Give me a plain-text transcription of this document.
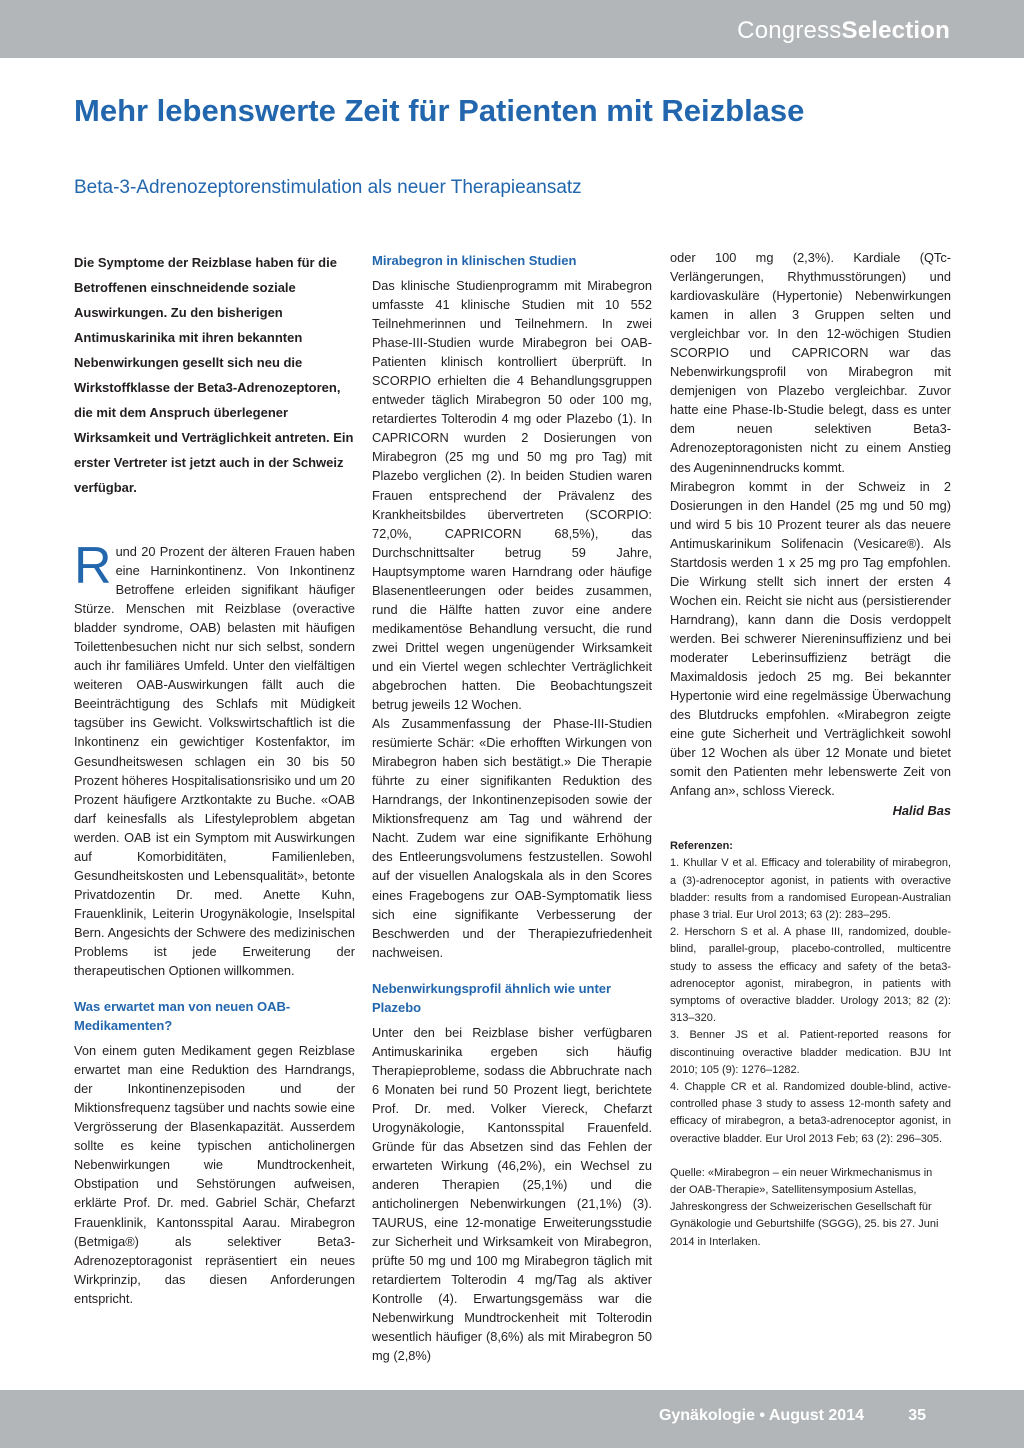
CongressSelection
Mehr lebenswerte Zeit für Patienten mit Reizblase
Beta-3-Adrenozeptorenstimulation als neuer Therapieansatz

Die Symptome der Reizblase haben für die Betroffenen einschneidende soziale Auswirkungen. Zu den bisherigen Antimuskarinika mit ihren bekannten Nebenwirkungen gesellt sich neu die Wirkstoffklasse der Beta3-Adrenozeptoren, die mit dem Anspruch überlegener Wirksamkeit und Verträglichkeit antreten. Ein erster Vertreter ist jetzt auch in der Schweiz verfügbar.

Rund 20 Prozent der älteren Frauen haben eine Harninkontinenz. Von Inkontinenz Betroffene erleiden signifikant häufiger Stürze. Menschen mit Reizblase (overactive bladder syndrome, OAB) belasten mit häufigen Toilettenbesuchen nicht nur sich selbst, sondern auch ihr familiäres Umfeld. Unter den vielfältigen weiteren OAB-Auswirkungen fällt auch die Beeinträchtigung des Schlafs mit Müdigkeit tagsüber ins Gewicht. Volkswirtschaftlich ist die Inkontinenz ein gewichtiger Kostenfaktor, im Gesundheitswesen schlagen ein 30 bis 50 Prozent höheres Hospitalisationsrisiko und um 20 Prozent häufigere Arztkontakte zu Buche. «OAB darf keinesfalls als Lifestyleproblem abgetan werden. OAB ist ein Symptom mit Auswirkungen auf Komorbiditäten, Familienleben, Gesundheitskosten und Lebensqualität», betonte Privatdozentin Dr. med. Anette Kuhn, Frauenklinik, Leiterin Urogynäkologie, Inselspital Bern. Angesichts der Schwere des medizinischen Problems ist jede Erweiterung der therapeutischen Optionen willkommen.

Was erwartet man von neuen OAB-Medikamenten?

Von einem guten Medikament gegen Reizblase erwartet man eine Reduktion des Harndrangs, der Inkontinenzepisoden und der Miktionsfrequenz tagsüber und nachts sowie eine Vergrösserung der Blasenkapazität. Ausserdem sollte es keine typischen anticholinergen Nebenwirkungen wie Mundtrockenheit, Obstipation und Sehstörungen aufweisen, erklärte Prof. Dr. med. Gabriel Schär, Chefarzt Frauenklinik, Kantonsspital Aarau. Mirabegron (Betmiga®) als selektiver Beta3-Adrenozeptoragonist repräsentiert ein neues Wirkprinzip, das diesen Anforderungen entspricht.

Mirabegron in klinischen Studien

Das klinische Studienprogramm mit Mirabegron umfasste 41 klinische Studien mit 10 552 Teilnehmerinnen und Teilnehmern. In zwei Phase-III-Studien wurde Mirabegron bei OAB-Patienten klinisch kontrolliert überprüft. In SCORPIO erhielten die 4 Behandlungsgruppen entweder täglich Mirabegron 50 oder 100 mg, retardiertes Tolterodin 4 mg oder Plazebo (1). In CAPRICORN wurden 2 Dosierungen von Mirabegron (25 mg und 50 mg pro Tag) mit Plazebo verglichen (2). In beiden Studien waren Frauen entsprechend der Prävalenz des Krankheitsbildes übervertreten (SCORPIO: 72,0%, CAPRICORN 68,5%), das Durchschnittsalter betrug 59 Jahre, Hauptsymptome waren Harndrang oder häufige Blasenentleerungen oder beides zusammen, rund die Hälfte hatten zuvor eine andere medikamentöse Behandlung versucht, die rund zwei Drittel wegen ungenügender Wirksamkeit und ein Viertel wegen schlechter Verträglichkeit abgebrochen hatten. Die Beobachtungszeit betrug jeweils 12 Wochen.

Als Zusammenfassung der Phase-III-Studien resümierte Schär: «Die erhofften Wirkungen von Mirabegron haben sich bestätigt.» Die Therapie führte zu einer signifikanten Reduktion des Harndrangs, der Inkontinenzepisoden sowie der Miktionsfrequenz am Tag und während der Nacht. Zudem war eine signifikante Erhöhung des Entleerungsvolumens festzustellen. Sowohl auf der visuellen Analogskala als in den Scores eines Fragebogens zur OAB-Symptomatik liess sich eine signifikante Verbesserung der Beschwerden und der Therapiezufriedenheit nachweisen.

Nebenwirkungsprofil ähnlich wie unter Plazebo

Unter den bei Reizblase bisher verfügbaren Antimuskarinika ergeben sich häufig Therapieprobleme, sodass die Abbruchrate nach 6 Monaten bei rund 50 Prozent liegt, berichtete Prof. Dr. med. Volker Viereck, Chefarzt Urogynäkologie, Kantonsspital Frauenfeld. Gründe für das Absetzen sind das Fehlen der erwarteten Wirkung (46,2%), ein Wechsel zu anderen Therapien (25,1%) und die anticholinergen Nebenwirkungen (21,1%) (3). TAURUS, eine 12-monatige Erweiterungsstudie zur Sicherheit und Wirksamkeit von Mirabegron, prüfte 50 mg und 100 mg Mirabegron täglich mit retardiertem Tolterodin 4 mg/Tag als aktiver Kontrolle (4). Erwartungsgemäss war die Nebenwirkung Mundtrockenheit mit Tolterodin wesentlich häufiger (8,6%) als mit Mirabegron 50 mg (2,8%)

oder 100 mg (2,3%). Kardiale (QTc-Verlängerungen, Rhythmusstörungen) und kardiovaskuläre (Hypertonie) Nebenwirkungen kamen in allen 3 Gruppen selten und vergleichbar vor. In den 12-wöchigen Studien SCORPIO und CAPRICORN war das Nebenwirkungsprofil von Mirabegron mit demjenigen von Plazebo vergleichbar. Zuvor hatte eine Phase-Ib-Studie belegt, dass es unter dem neuen selektiven Beta3-Adrenozeptoragonisten nicht zu einem Anstieg des Augeninnendrucks kommt.

Mirabegron kommt in der Schweiz in 2 Dosierungen in den Handel (25 mg und 50 mg) und wird 5 bis 10 Prozent teurer als das neuere Antimuskarinikum Solifenacin (Vesicare®). Als Startdosis werden 1 x 25 mg pro Tag empfohlen. Die Wirkung stellt sich innert der ersten 4 Wochen ein. Reicht sie nicht aus (persistierender Harndrang), kann dann die Dosis verdoppelt werden. Bei schwerer Niereninsuffizienz und bei moderater Leberinsuffizienz beträgt die Maximaldosis jedoch 25 mg. Bei bekannter Hypertonie wird eine regelmässige Überwachung des Blutdrucks empfohlen. «Mirabegron zeigte eine gute Sicherheit und Verträglichkeit sowohl über 12 Wochen als über 12 Monate und bietet somit den Patienten mehr lebenswerte Zeit von Anfang an», schloss Viereck.

Halid Bas

Referenzen:

1. Khullar V et al. Efficacy and tolerability of mirabegron, a (3)-adrenoceptor agonist, in patients with overactive bladder: results from a randomised European-Australian phase 3 trial. Eur Urol 2013; 63 (2): 283–295.

2. Herschorn S et al. A phase III, randomized, double-blind, parallel-group, placebo-controlled, multicentre study to assess the efficacy and safety of the beta3-adrenoceptor agonist, mirabegron, in patients with symptoms of overactive bladder. Urology 2013; 82 (2): 313–320.

3. Benner JS et al. Patient-reported reasons for discontinuing overactive bladder medication. BJU Int 2010; 105 (9): 1276–1282.

4. Chapple CR et al. Randomized double-blind, active-controlled phase 3 study to assess 12-month safety and efficacy of mirabegron, a beta3-adrenoceptor agonist, in overactive bladder. Eur Urol 2013 Feb; 63 (2): 296–305.

Quelle: «Mirabegron – ein neuer Wirkmechanismus in der OAB-Therapie», Satellitensymposium Astellas, Jahreskongress der Schweizerischen Gesellschaft für Gynäkologie und Geburtshilfe (SGGG), 25. bis 27. Juni 2014 in Interlaken.

Gynäkologie • August 2014	35
